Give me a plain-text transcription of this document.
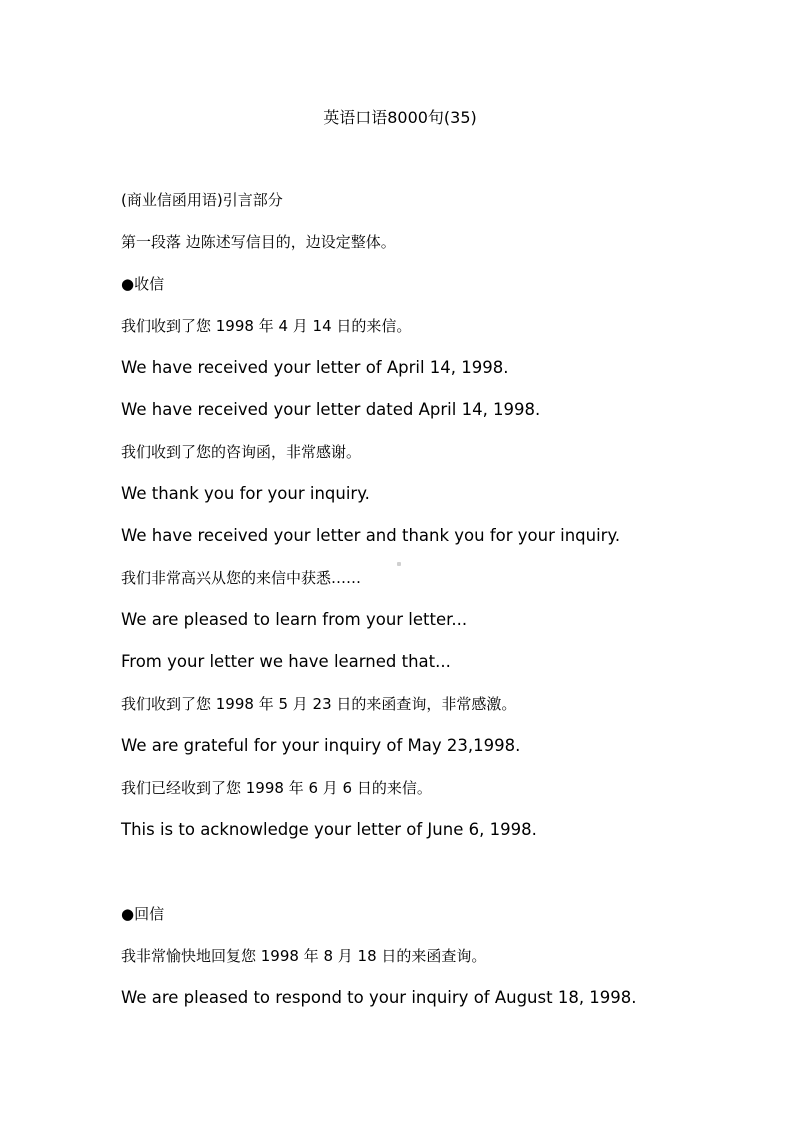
英语口语8000句(35)
(商业信函用语)引言部分
第一段落 边陈述写信目的，边设定整体。
●收信
我们收到了您 1998 年 4 月 14 日的来信。
We have received your letter of April 14, 1998.
We have received your letter dated April 14, 1998.
我们收到了您的咨询函，非常感谢。
We thank you for your inquiry.
We have received your letter and thank you for your inquiry.
我们非常高兴从您的来信中获悉……
We are pleased to learn from your letter...
From your letter we have learned that...
我们收到了您 1998 年 5 月 23 日的来函查询，非常感激。
We are grateful for your inquiry of May 23,1998.
我们已经收到了您 1998 年 6 月 6 日的来信。
This is to acknowledge your letter of June 6, 1998.
●回信
我非常愉快地回复您 1998 年 8 月 18 日的来函查询。
We are pleased to respond to your inquiry of August 18, 1998.
